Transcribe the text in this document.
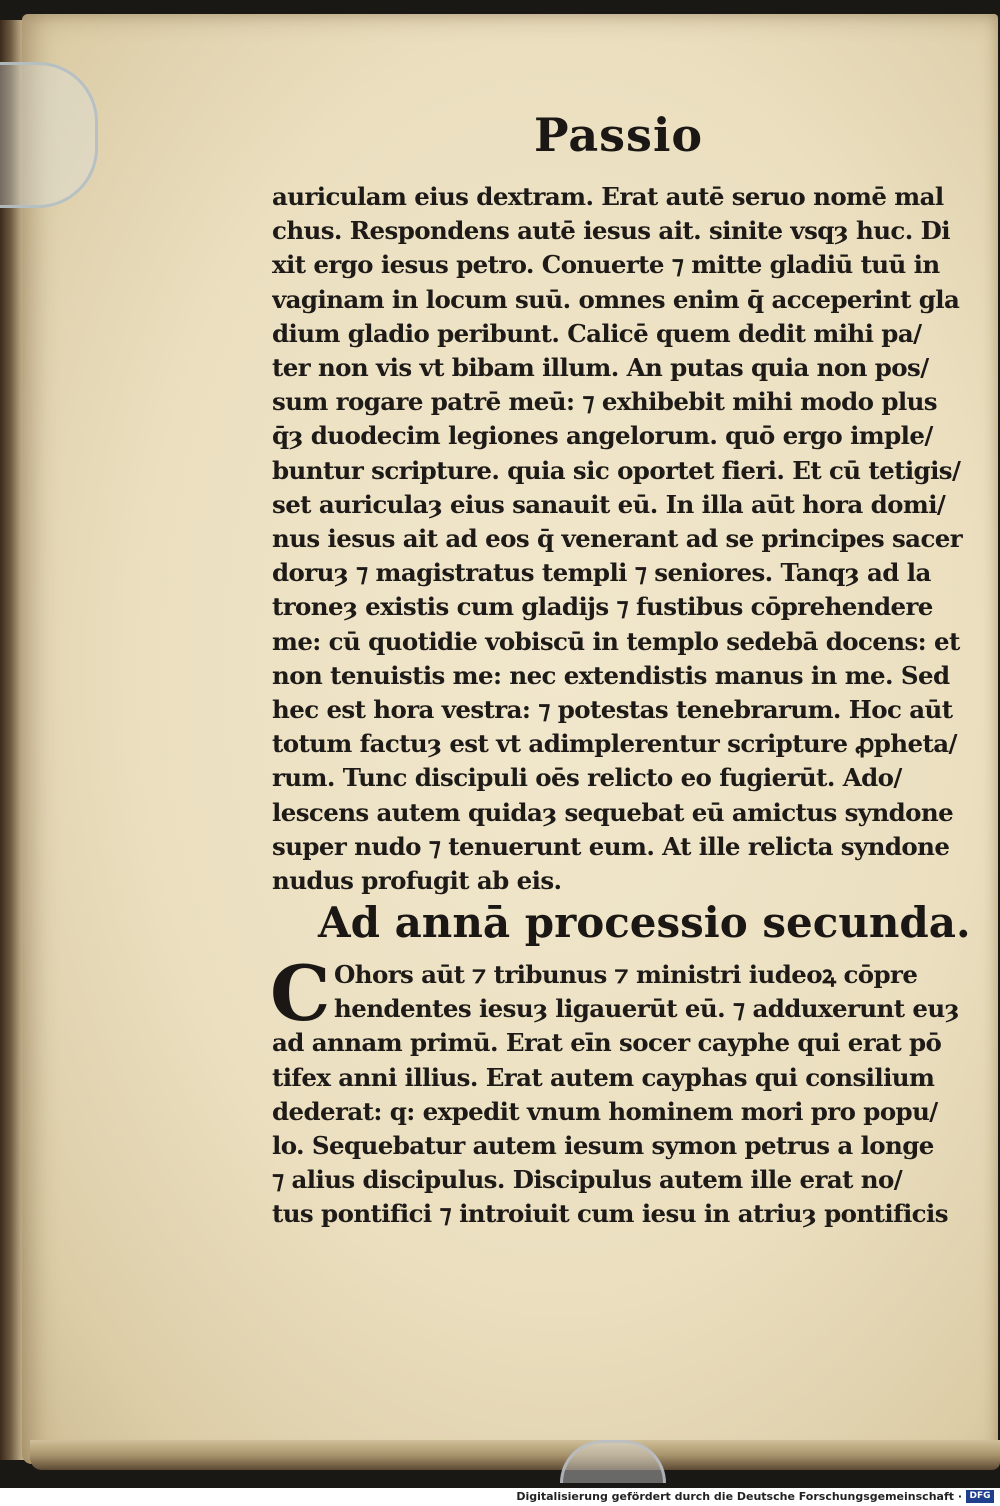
Passio
auriculam eius dextram. Erat autē seruo nomē mal
chus. Respondens autē iesus ait. sinite vsqȝ huc. Di
xit ergo iesus petro. Conuerte ⁊ mitte gladiū tuū in
vaginam in locum suū. omnes enim q̄ acceperint gla
dium gladio peribunt. Calicē quem dedit mihi pa/
ter non vis vt bibam illum. An putas quia non pos/
sum rogare patrē meū: ⁊ exhibebit mihi modo plus
q̄ȝ duodecim legiones angelorum. quō ergo imple/
buntur scripture. quia sic oportet fieri. Et cū tetigis/
set auriculaȝ eius sanauit eū. In illa aūt hora domi/
nus iesus ait ad eos q̄ venerant ad se principes sacer
doruȝ ⁊ magistratus templi ⁊ seniores. Tanqȝ ad la
troneȝ existis cum gladijs ⁊ fustibus cōprehendere
me: cū quotidie vobiscū in templo sedebā docens: et
non tenuistis me: nec extendistis manus in me. Sed
hec est hora vestra: ⁊ potestas tenebrarum. Hoc aūt
totum factuȝ est vt adimplerentur scripture ꝓpheta/
rum. Tunc discipuli oēs relicto eo fugierūt. Ado/
lescens autem quidaȝ sequebat eū amictus syndone
super nudo ⁊ tenuerunt eum. At ille relicta syndone
nudus profugit ab eis.
Ad annā processio secunda.
C Ohors aūt ⁊ tribunus ⁊ ministri iudeoꝝ cōpre
hendentes iesuȝ ligauerūt eū. ⁊ adduxerunt euȝ
ad annam primū. Erat eīn socer cayphe qui erat pō
tifex anni illius. Erat autem cayphas qui consilium
dederat: q: expedit vnum hominem mori pro popu/
lo. Sequebatur autem iesum symon petrus a longe
⁊ alius discipulus. Discipulus autem ille erat no/
tus pontifici ⁊ introiuit cum iesu in atriuȝ pontificis
Digitalisierung gefördert durch die Deutsche Forschungsgemeinschaft · DFG
